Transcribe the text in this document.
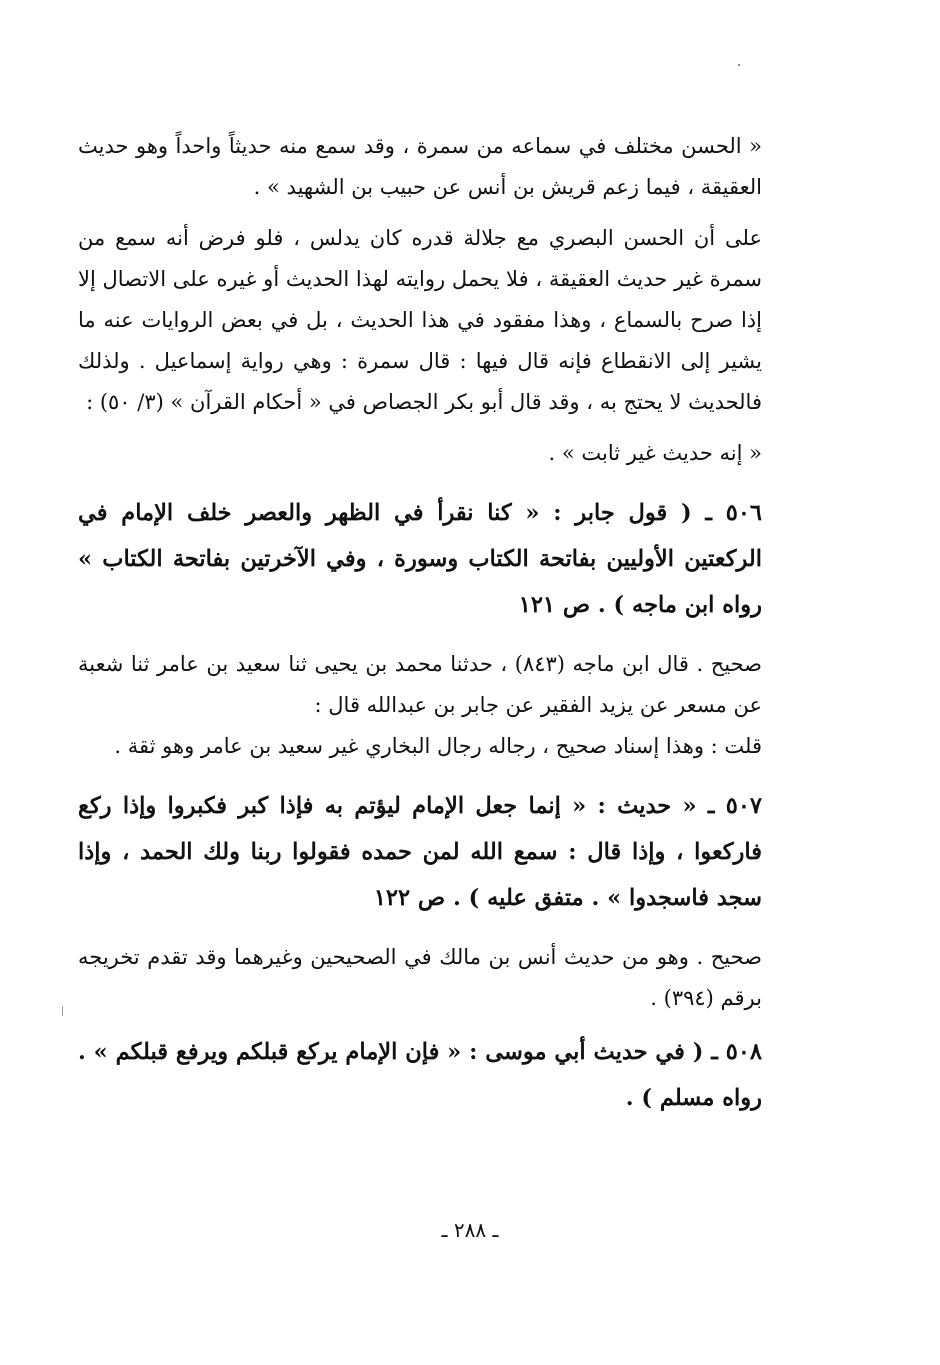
« الحسن مختلف في سماعه من سمرة ، وقد سمع منه حديثاً واحداً وهو حديث العقيقة ، فيما زعم قريش بن أنس عن حبيب بن الشهيد » .

على أن الحسن البصري مع جلالة قدره كان يدلس ، فلو فرض أنه سمع من سمرة غير حديث العقيقة ، فلا يحمل روايته لهذا الحديث أو غيره على الاتصال إلا إذا صرح بالسماع ، وهذا مفقود في هذا الحديث ، بل في بعض الروايات عنه ما يشير إلى الانقطاع فإنه قال فيها : قال سمرة : وهي رواية إسماعيل . ولذلك فالحديث لا يحتج به ، وقد قال أبو بكر الجصاص في « أحكام القرآن » (٣/ ٥٠) :

« إنه حديث غير ثابت » .

٥٠٦ ـ ( قول جابر : « كنا نقرأ في الظهر والعصر خلف الإمام في الركعتين الأوليين بفاتحة الكتاب وسورة ، وفي الآخرتين بفاتحة الكتاب » رواه ابن ماجه ) . ص ١٢١

صحيح . قال ابن ماجه (٨٤٣) ، حدثنا محمد بن يحيى ثنا سعيد بن عامر ثنا شعبة عن مسعر عن يزيد الفقير عن جابر بن عبدالله قال :

قلت : وهذا إسناد صحيح ، رجاله رجال البخاري غير سعيد بن عامر وهو ثقة .

٥٠٧ ـ « حديث : « إنما جعل الإمام ليؤتم به فإذا كبر فكبروا وإذا ركع فاركعوا ، وإذا قال : سمع الله لمن حمده فقولوا ربنا ولك الحمد ، وإذا سجد فاسجدوا » . متفق عليه ) . ص ١٢٢

صحيح . وهو من حديث أنس بن مالك في الصحيحين وغيرهما وقد تقدم تخريجه برقم (٣٩٤) .

٥٠٨ ـ ( في حديث أبي موسى : « فإن الإمام يركع قبلكم ويرفع قبلكم » . رواه مسلم ) .

ـ ٢٨٨ ـ
